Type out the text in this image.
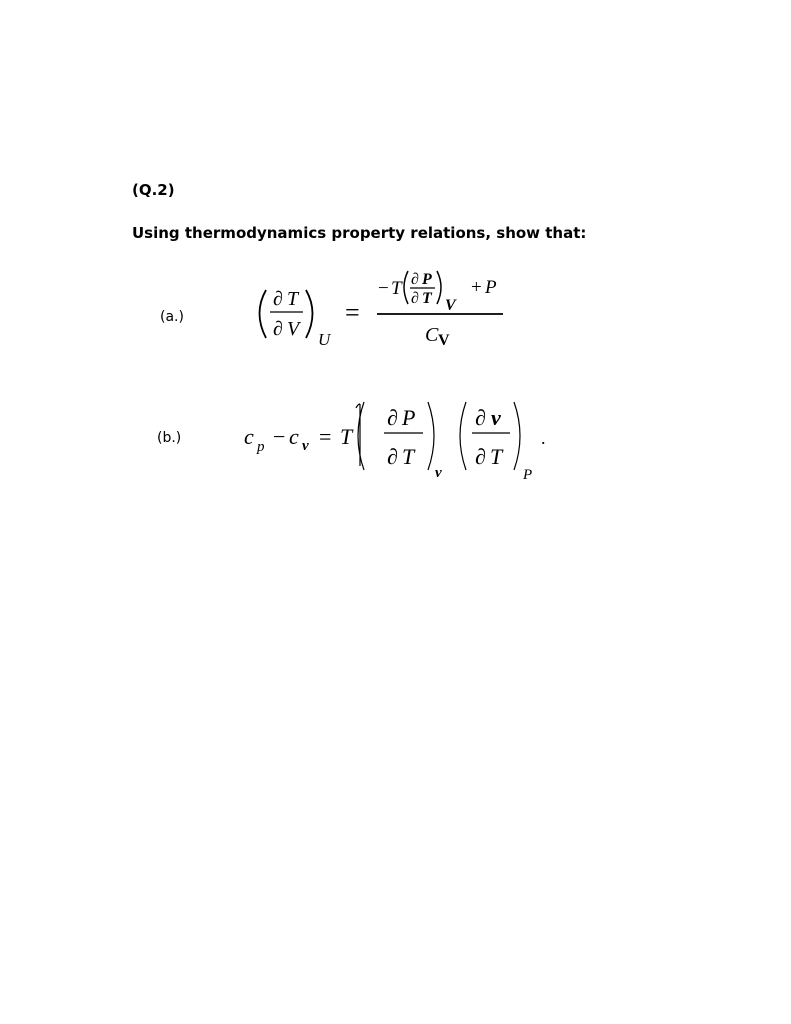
(Q.2)
Using thermodynamics property relations, show that:
(a.)
(b.)
∂ T
∂ V U
=
− T ∂ P
∂ T V
+ P
C V
c p − c v = T
∂ P
∂ T
v
∂ v
∂ T
P
.
